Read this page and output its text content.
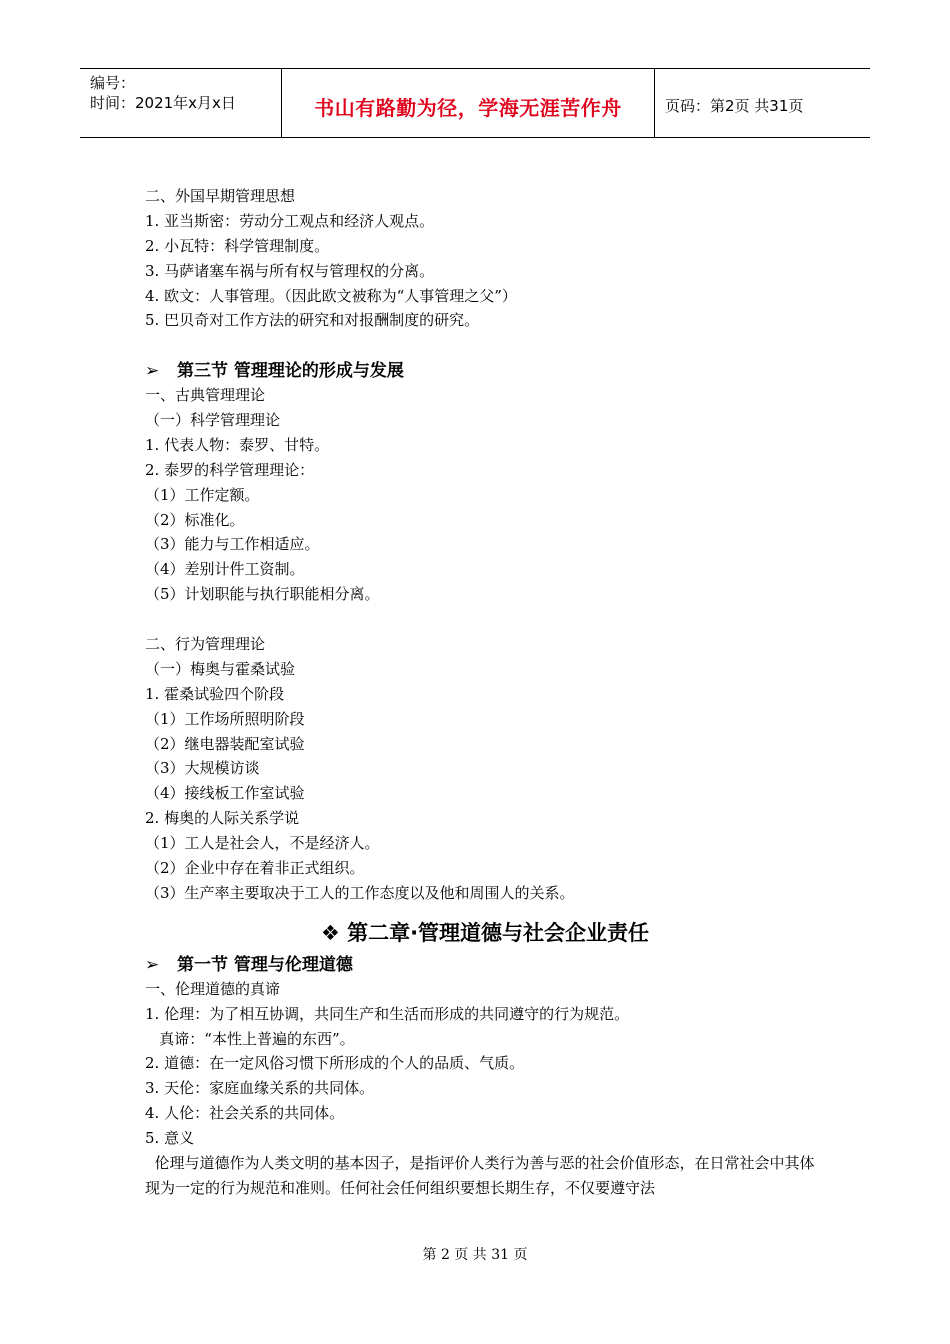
编号：
时间：2021年x月x日	书山有路勤为径，学海无涯苦作舟	页码：第2页 共31页
二、外国早期管理思想
1. 亚当斯密：劳动分工观点和经济人观点。
2. 小瓦特：科学管理制度。
3. 马萨诸塞车祸与所有权与管理权的分离。
4. 欧文：人事管理。（因此欧文被称为“人事管理之父”）
5. 巴贝奇对工作方法的研究和对报酬制度的研究。
➢ 第三节 管理理论的形成与发展
一、古典管理理论
（一）科学管理理论
1. 代表人物：泰罗、甘特。
2. 泰罗的科学管理理论：
（1）工作定额。
（2）标准化。
（3）能力与工作相适应。
（4）差别计件工资制。
（5）计划职能与执行职能相分离。
二、行为管理理论
（一）梅奥与霍桑试验
1. 霍桑试验四个阶段
（1）工作场所照明阶段
（2）继电器装配室试验
（3）大规模访谈
（4）接线板工作室试验
2. 梅奥的人际关系学说
（1）工人是社会人，不是经济人。
（2）企业中存在着非正式组织。
（3）生产率主要取决于工人的工作态度以及他和周围人的关系。
❖ 第二章·管理道德与社会企业责任
➢ 第一节 管理与伦理道德
一、伦理道德的真谛
1. 伦理：为了相互协调，共同生产和生活而形成的共同遵守的行为规范。
真谛：“本性上普遍的东西”。
2. 道德：在一定风俗习惯下所形成的个人的品质、气质。
3. 天伦：家庭血缘关系的共同体。
4. 人伦：社会关系的共同体。
5. 意义
伦理与道德作为人类文明的基本因子，是指评价人类行为善与恶的社会价值形态，在日常社会中其体现为一定的行为规范和准则。任何社会任何组织要想长期生存，不仅要遵守法
第 2 页 共 31 页
